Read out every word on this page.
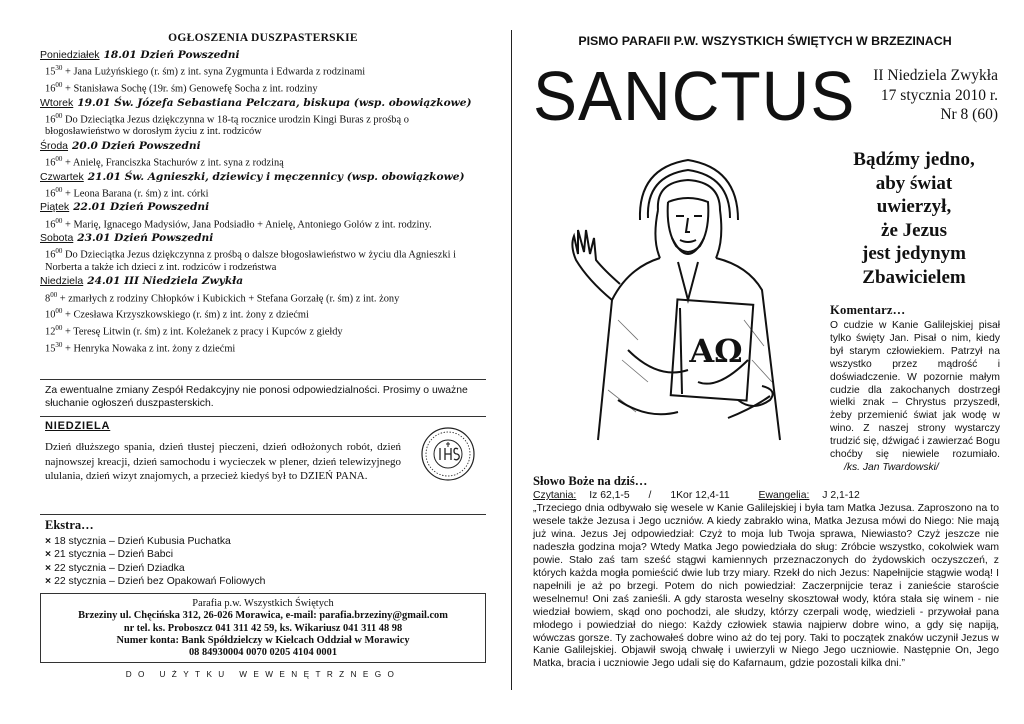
OGŁOSZENIA DUSZPASTERSKIE
Poniedziałek 18.01 Dzień Powszedni
$15^{30}$ + Jana Lużyńskiego (r. śm) z int. syna Zygmunta i Edwarda z rodzinami
$16^{00}$ + Stanisława Sochę (19r. śm) Genowefę Socha z int. rodziny
Wtorek 19.01 Św. Józefa Sebastiana Pelczara, biskupa (wsp. obowiązkowe)
$16^{00}$ Do Dzieciątka Jezus dziękczynna w 18-tą rocznice urodzin Kingi Buras z prośbą o błogosławieństwo w dorosłym życiu z int. rodziców
Środa 20.0 Dzień Powszedni
$16^{00}$ + Anielę, Franciszka Stachurów z int. syna z rodziną
Czwartek 21.01 Św. Agnieszki, dziewicy i męczennicy (wsp. obowiązkowe)
$16^{00}$ + Leona Barana (r. śm) z int. córki
Piątek 22.01 Dzień Powszedni
$16^{00}$ + Marię, Ignacego Madysiów, Jana Podsiadło + Anielę, Antoniego Golów z int. rodziny.
Sobota 23.01 Dzień Powszedni
$16^{00}$ Do Dzieciątka Jezus dziękczynna z prośbą o dalsze błogosławieństwo w życiu dla Agnieszki i Norberta a także ich dzieci z int. rodziców i rodzeństwa
Niedziela 24.01 III Niedziela Zwykła
$8^{00}$ + zmarłych z rodziny Chłopków i Kubickich + Stefana Gorzałę (r. śm) z int. żony
$10^{00}$ + Czesława Krzyszkowskiego (r. śm) z int. żony z dziećmi
$12^{00}$ + Teresę Litwin (r. śm) z int. Koleżanek z pracy i Kupców z giełdy
$15^{30}$ + Henryka Nowaka z int. żony z dziećmi
Za ewentualne zmiany Zespół Redakcyjny nie ponosi odpowiedzialności. Prosimy o uważne słuchanie ogłoszeń duszpasterskich.
NIEDZIELA
Dzień dłuższego spania, dzień tłustej pieczeni, dzień odłożonych robót, dzień najnowszej kreacji, dzień samochodu i wycieczek w plener, dzień telewizyjnego ululania, dzień wizyt znajomych, a przecież kiedyś był to DZIEŃ PANA.
Ekstra…
× 18 stycznia – Dzień Kubusia Puchatka
× 21 stycznia – Dzień Babci
× 22 stycznia – Dzień Dziadka
× 22 stycznia – Dzień bez Opakowań Foliowych
Parafia p.w. Wszystkich Świętych
Brzeziny ul. Chęcińska 312, 26-026 Morawica, e-mail: parafia.brzeziny@gmail.com
nr tel. ks. Proboszcz 041 311 42 59, ks. Wikariusz 041 311 48 98
Numer konta: Bank Spółdzielczy w Kielcach Oddział w Morawicy
08 84930004 0070 0205 4104 0001
DO UŻYTKU WEWENĘTRZNEGO
PISMO PARAFII P.W. WSZYSTKICH ŚWIĘTYCH W BRZEZINACH
SANCTUS	II Niedziela Zwykła
17 stycznia 2010 r.
Nr 8 (60)
ΑΩ
Bądźmy jedno,
aby świat
uwierzył,
że Jezus
jest jedynym
Zbawicielem
Komentarz…
O cudzie w Kanie Galilejskiej pisał tylko święty Jan. Pisał o nim, kiedy był starym człowiekiem. Patrzył na wszystko przez mądrość i doświadczenie. W pozornie małym cudzie dla zakochanych dostrzegł wielki znak – Chrystus przyszedł, żeby przemienić świat jak wodę w wino. Z naszej strony wystarczy trudzić się, dźwigać i zawierzać Bogu choćby się niewiele rozumiało. /ks. Jan Twardowski/
Słowo Boże na dziś…
Czytania: Iz 62,1-5 / 1Kor 12,4-11	Ewangelia: J 2,1-12
„Trzeciego dnia odbywało się wesele w Kanie Galilejskiej i była tam Matka Jezusa. Zaproszono na to wesele także Jezusa i Jego uczniów. A kiedy zabrakło wina, Matka Jezusa mówi do Niego: Nie mają już wina. Jezus Jej odpowiedział: Czyż to moja lub Twoja sprawa, Niewiasto? Czyż jeszcze nie nadeszła godzina moja? Wtedy Matka Jego powiedziała do sług: Zróbcie wszystko, cokolwiek wam powie. Stało zaś tam sześć stągwi kamiennych przeznaczonych do żydowskich oczyszczeń, z których każda mogła pomieścić dwie lub trzy miary. Rzekł do nich Jezus: Napełnijcie stągwie wodą! I napełnili je aż po brzegi. Potem do nich powiedział: Zaczerpnijcie teraz i zanieście staroście weselnemu! Oni zaś zanieśli. A gdy starosta weselny skosztował wody, która stała się winem - nie wiedział bowiem, skąd ono pochodzi, ale słudzy, którzy czerpali wodę, wiedzieli - przywołał pana młodego i powiedział do niego: Każdy człowiek stawia najpierw dobre wino, a gdy się napiją, wówczas gorsze. Ty zachowałeś dobre wino aż do tej pory. Taki to początek znaków uczynił Jezus w Kanie Galilejskiej. Objawił swoją chwałę i uwierzyli w Niego Jego uczniowie. Następnie On, Jego Matka, bracia i uczniowie Jego udali się do Kafarnaum, gdzie pozostali kilka dni.”
